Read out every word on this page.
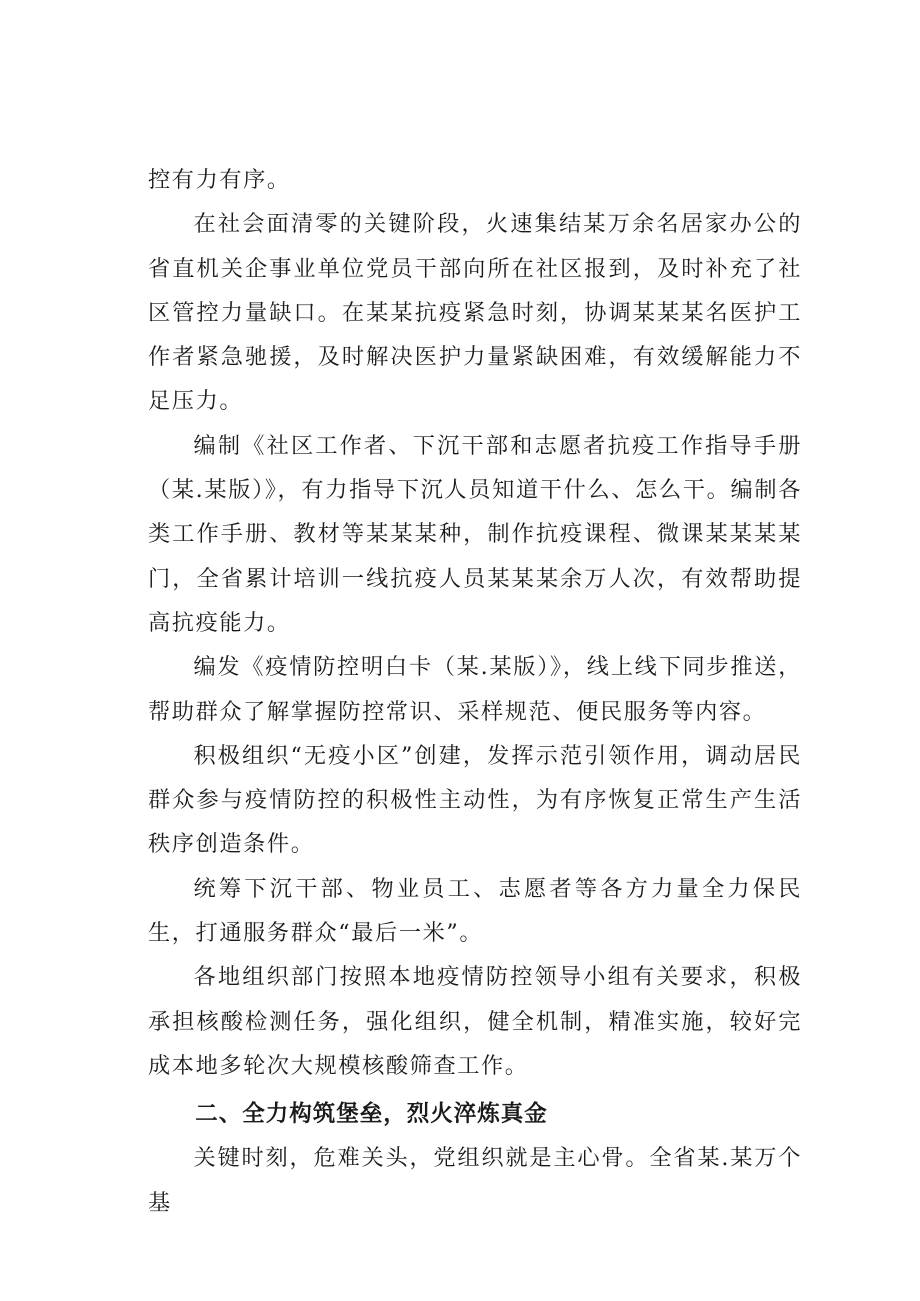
控有力有序。

在社会面清零的关键阶段，火速集结某万余名居家办公的省直机关企事业单位党员干部向所在社区报到，及时补充了社区管控力量缺口。在某某抗疫紧急时刻，协调某某某名医护工作者紧急驰援，及时解决医护力量紧缺困难，有效缓解能力不足压力。

编制《社区工作者、下沉干部和志愿者抗疫工作指导手册（某.某版）》，有力指导下沉人员知道干什么、怎么干。编制各类工作手册、教材等某某某种，制作抗疫课程、微课某某某某门，全省累计培训一线抗疫人员某某某余万人次，有效帮助提高抗疫能力。

编发《疫情防控明白卡（某.某版）》，线上线下同步推送，帮助群众了解掌握防控常识、采样规范、便民服务等内容。

积极组织“无疫小区”创建，发挥示范引领作用，调动居民群众参与疫情防控的积极性主动性，为有序恢复正常生产生活秩序创造条件。

统筹下沉干部、物业员工、志愿者等各方力量全力保民生，打通服务群众“最后一米”。

各地组织部门按照本地疫情防控领导小组有关要求，积极承担核酸检测任务，强化组织，健全机制，精准实施，较好完成本地多轮次大规模核酸筛查工作。

二、全力构筑堡垒，烈火淬炼真金

关键时刻，危难关头，党组织就是主心骨。全省某.某万个基
